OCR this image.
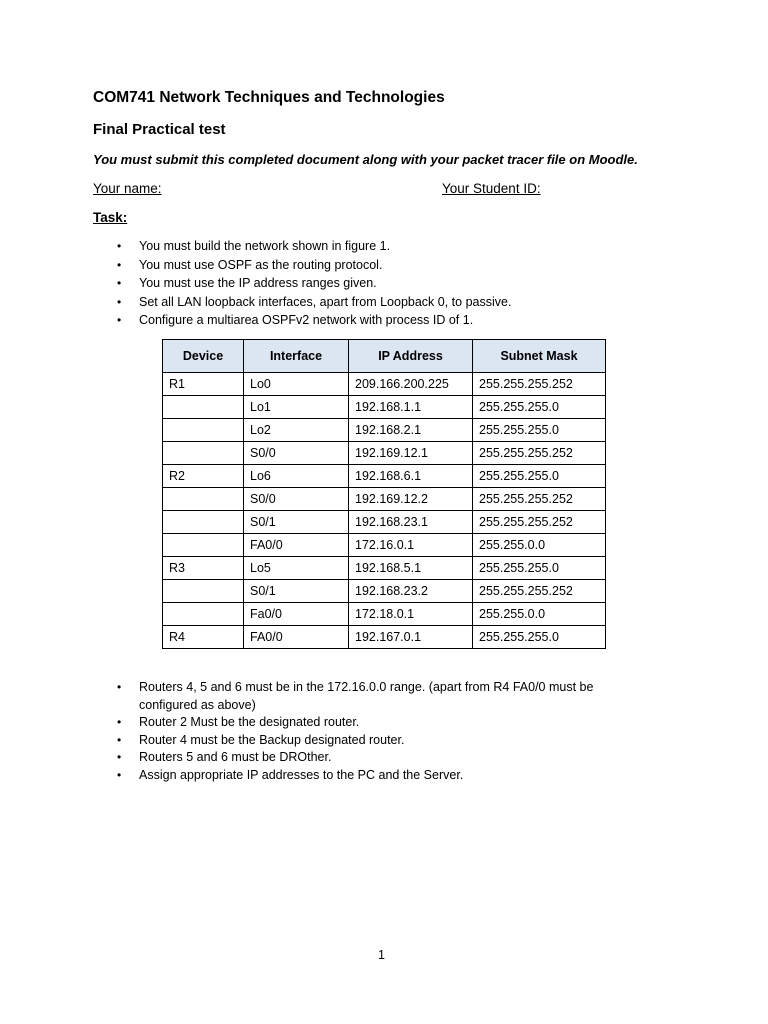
COM741 Network Techniques and Technologies
Final Practical test
You must submit this completed document along with your packet tracer file on Moodle.
Your name:	Your Student ID:
Task:
• You must build the network shown in figure 1.
• You must use OSPF as the routing protocol.
• You must use the IP address ranges given.
• Set all LAN loopback interfaces, apart from Loopback 0, to passive.
• Configure a multiarea OSPFv2 network with process ID of 1.
Device	Interface	IP Address	Subnet Mask
R1	Lo0	209.166.200.225	255.255.255.252
	Lo1	192.168.1.1	255.255.255.0
	Lo2	192.168.2.1	255.255.255.0
	S0/0	192.169.12.1	255.255.255.252
R2	Lo6	192.168.6.1	255.255.255.0
	S0/0	192.169.12.2	255.255.255.252
	S0/1	192.168.23.1	255.255.255.252
	FA0/0	172.16.0.1	255.255.0.0
R3	Lo5	192.168.5.1	255.255.255.0
	S0/1	192.168.23.2	255.255.255.252
	Fa0/0	172.18.0.1	255.255.0.0
R4	FA0/0	192.167.0.1	255.255.255.0
• Routers 4, 5 and 6 must be in the 172.16.0.0 range. (apart from R4 FA0/0 must be configured as above)
• Router 2 Must be the designated router.
• Router 4 must be the Backup designated router.
• Routers 5 and 6 must be DROther.
• Assign appropriate IP addresses to the PC and the Server.
1
